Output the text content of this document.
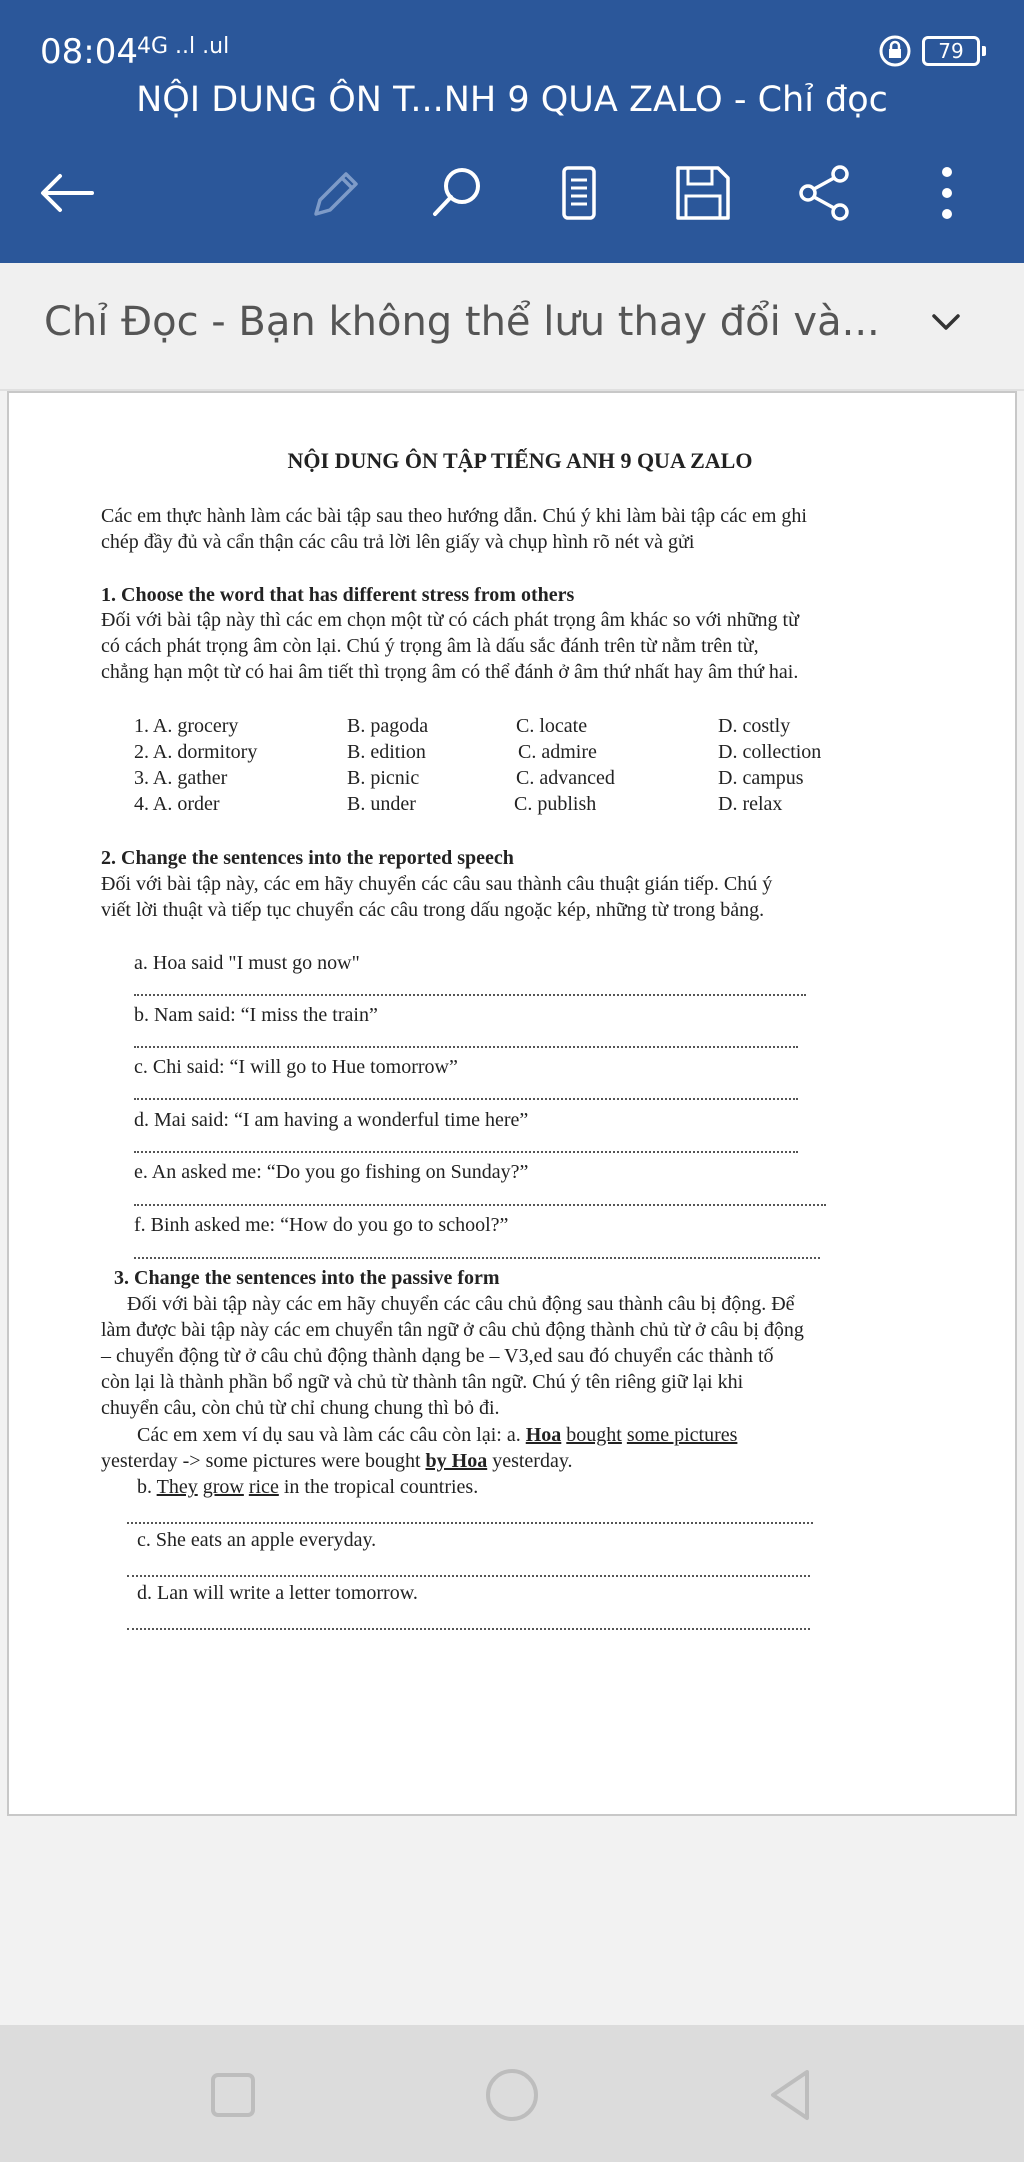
08:04 4G ..l .ul	79
NỘI DUNG ÔN T...NH 9 QUA ZALO - Chỉ đọc
Chỉ Đọc - Bạn không thể lưu thay đổi và...
NỘI DUNG ÔN TẬP TIẾNG ANH 9 QUA ZALO

Các em thực hành làm các bài tập sau theo hướng dẫn. Chú ý khi làm bài tập các em ghi

chép đầy đủ và cẩn thận các câu trả lời lên giấy và chụp hình rõ nét và gửi

1. Choose the word that has different stress from others

Đối với bài tập này thì các em chọn một từ có cách phát trọng âm khác so với những từ

có cách phát trọng âm còn lại. Chú ý trọng âm là dấu sắc đánh trên từ nằm trên từ,

chẳng hạn một từ có hai âm tiết thì trọng âm có thể đánh ở âm thứ nhất hay âm thứ hai.

1. A. grocery	B. pagoda	C. locate	D. costly

2. A. dormitory	B. edition	C. admire	D. collection

3. A. gather	B. picnic	C. advanced	D. campus

4. A. order	B. under	C. publish	D. relax

2. Change the sentences into the reported speech

Đối với bài tập này, các em hãy chuyển các câu sau thành câu thuật gián tiếp. Chú ý

viết lời thuật và tiếp tục chuyển các câu trong dấu ngoặc kép, những từ trong bảng.

a. Hoa said "I must go now"

b. Nam said: “I miss the train”

c. Chi said: “I will go to Hue tomorrow”

d. Mai said: “I am having a wonderful time here”

e. An asked me: “Do you go fishing on Sunday?”

f. Binh asked me: “How do you go to school?”

3. Change the sentences into the passive form

Đối với bài tập này các em hãy chuyển các câu chủ động sau thành câu bị động. Để

làm được bài tập này các em chuyển tân ngữ ở câu chủ động thành chủ từ ở câu bị động

– chuyển động từ ở câu chủ động thành dạng be – V3,ed sau đó chuyển các thành tố

còn lại là thành phần bổ ngữ và chủ từ thành tân ngữ. Chú ý tên riêng giữ lại khi

chuyển câu, còn chủ từ chỉ chung chung thì bỏ đi.

Các em xem ví dụ sau và làm các câu còn lại: a. Hoa bought some pictures

yesterday -> some pictures were bought by Hoa yesterday.

b. They grow rice in the tropical countries.

c. She eats an apple everyday.

d. Lan will write a letter tomorrow.
